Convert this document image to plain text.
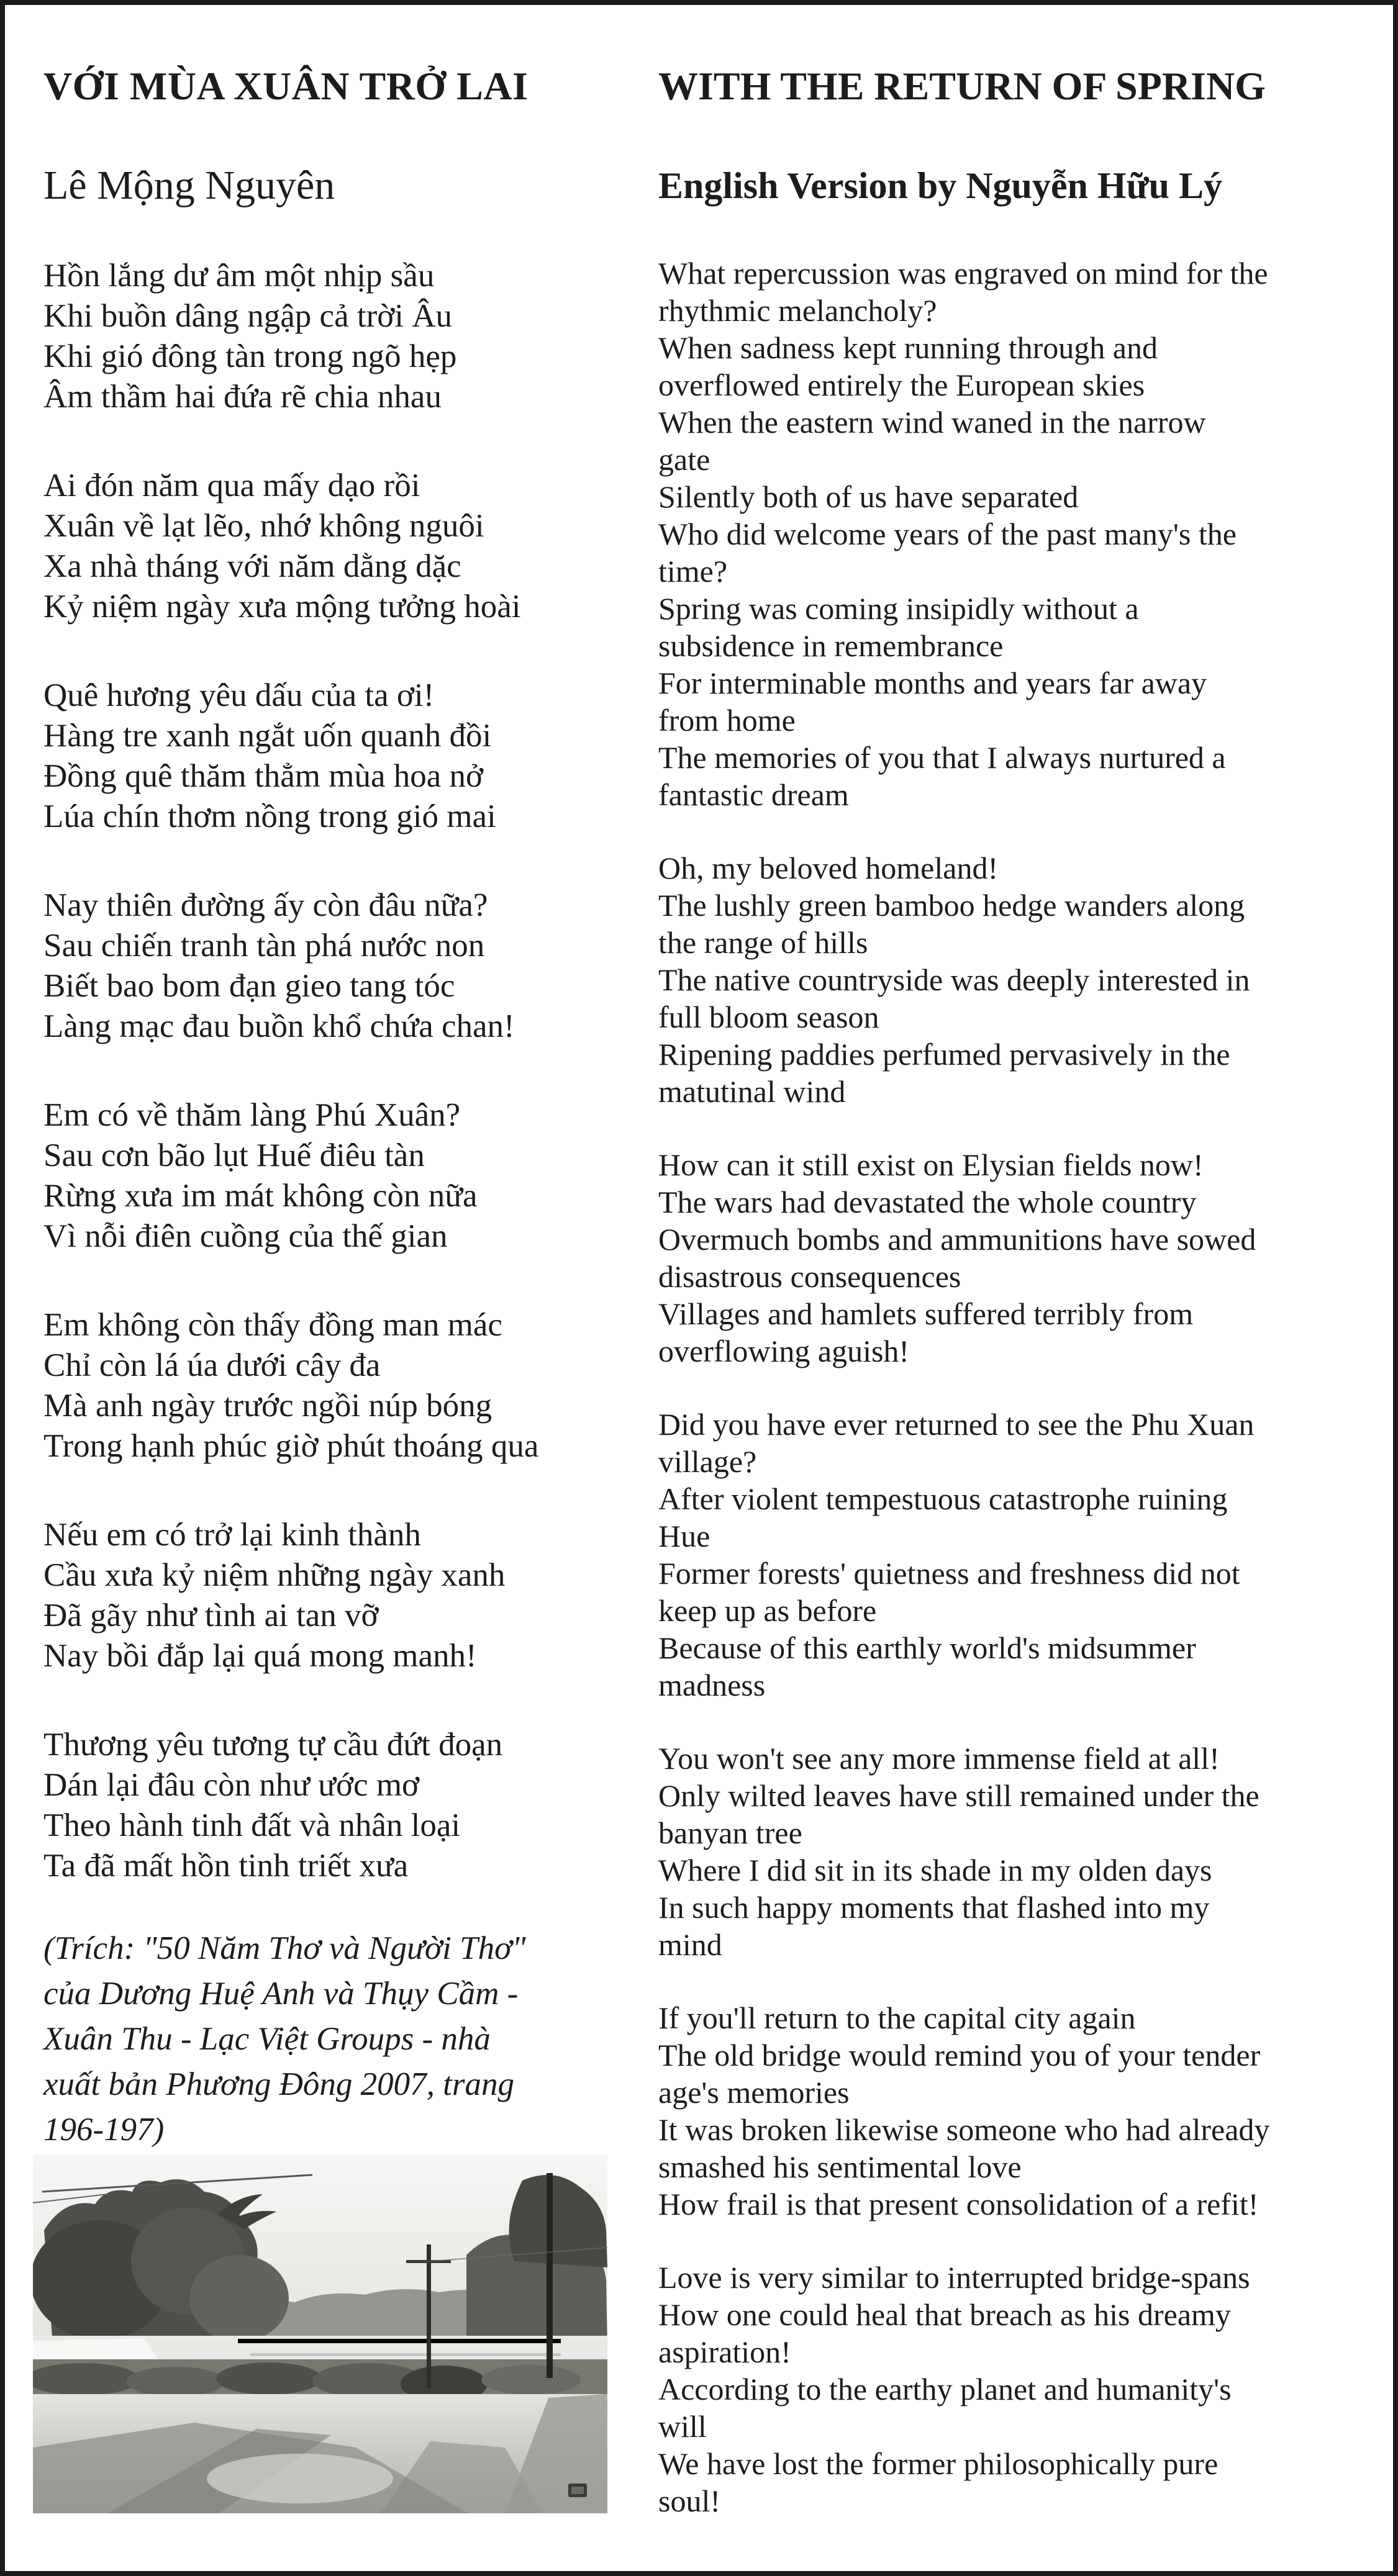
VỚI MÙA XUÂN TRỞ LAI
Lê Mộng Nguyên
Hồn lắng dư âm một nhịp sầu
Khi buồn dâng ngập cả trời Âu
Khi gió đông tàn trong ngõ hẹp
Âm thầm hai đứa rẽ chia nhau
Ai đón năm qua mấy dạo rồi
Xuân về lạt lẽo, nhớ không nguôi
Xa nhà tháng với năm dằng dặc
Kỷ niệm ngày xưa mộng tưởng hoài
Quê hương yêu dấu của ta ơi!
Hàng tre xanh ngắt uốn quanh đồi
Đồng quê thăm thẳm mùa hoa nở
Lúa chín thơm nồng trong gió mai
Nay thiên đường ấy còn đâu nữa?
Sau chiến tranh tàn phá nước non
Biết bao bom đạn gieo tang tóc
Làng mạc đau buồn khổ chứa chan!
Em có về thăm làng Phú Xuân?
Sau cơn bão lụt Huế điêu tàn
Rừng xưa im mát không còn nữa
Vì nỗi điên cuồng của thế gian
Em không còn thấy đồng man mác
Chỉ còn lá úa dưới cây đa
Mà anh ngày trước ngồi núp bóng
Trong hạnh phúc giờ phút thoáng qua
Nếu em có trở lại kinh thành
Cầu xưa kỷ niệm những ngày xanh
Đã gãy như tình ai tan vỡ
Nay bồi đắp lại quá mong manh!
Thương yêu tương tự cầu đứt đoạn
Dán lại đâu còn như ước mơ
Theo hành tinh đất và nhân loại
Ta đã mất hồn tinh triết xưa
(Trích: "50 Năm Thơ và Người Thơ"
của Dương Huệ Anh và Thụy Cầm -
Xuân Thu - Lạc Việt Groups - nhà
xuất bản Phương Đông 2007, trang
196-197)
WITH THE RETURN OF SPRING
English Version by Nguyễn Hữu Lý
What repercussion was engraved on mind for the
rhythmic melancholy?
When sadness kept running through and
overflowed entirely the European skies
When the eastern wind waned in the narrow
gate
Silently both of us have separated
Who did welcome years of the past many's the
time?
Spring was coming insipidly without a
subsidence in remembrance
For interminable months and years far away
from home
The memories of you that I always nurtured a
fantastic dream
Oh, my beloved homeland!
The lushly green bamboo hedge wanders along
the range of hills
The native countryside was deeply interested in
full bloom season
Ripening paddies perfumed pervasively in the
matutinal wind
How can it still exist on Elysian fields now!
The wars had devastated the whole country
Overmuch bombs and ammunitions have sowed
disastrous consequences
Villages and hamlets suffered terribly from
overflowing aguish!
Did you have ever returned to see the Phu Xuan
village?
After violent tempestuous catastrophe ruining
Hue
Former forests' quietness and freshness did not
keep up as before
Because of this earthly world's midsummer
madness
You won't see any more immense field at all!
Only wilted leaves have still remained under the
banyan tree
Where I did sit in its shade in my olden days
In such happy moments that flashed into my
mind
If you'll return to the capital city again
The old bridge would remind you of your tender
age's memories
It was broken likewise someone who had already
smashed his sentimental love
How frail is that present consolidation of a refit!
Love is very similar to interrupted bridge-spans
How one could heal that breach as his dreamy
aspiration!
According to the earthy planet and humanity's
will
We have lost the former philosophically pure
soul!
